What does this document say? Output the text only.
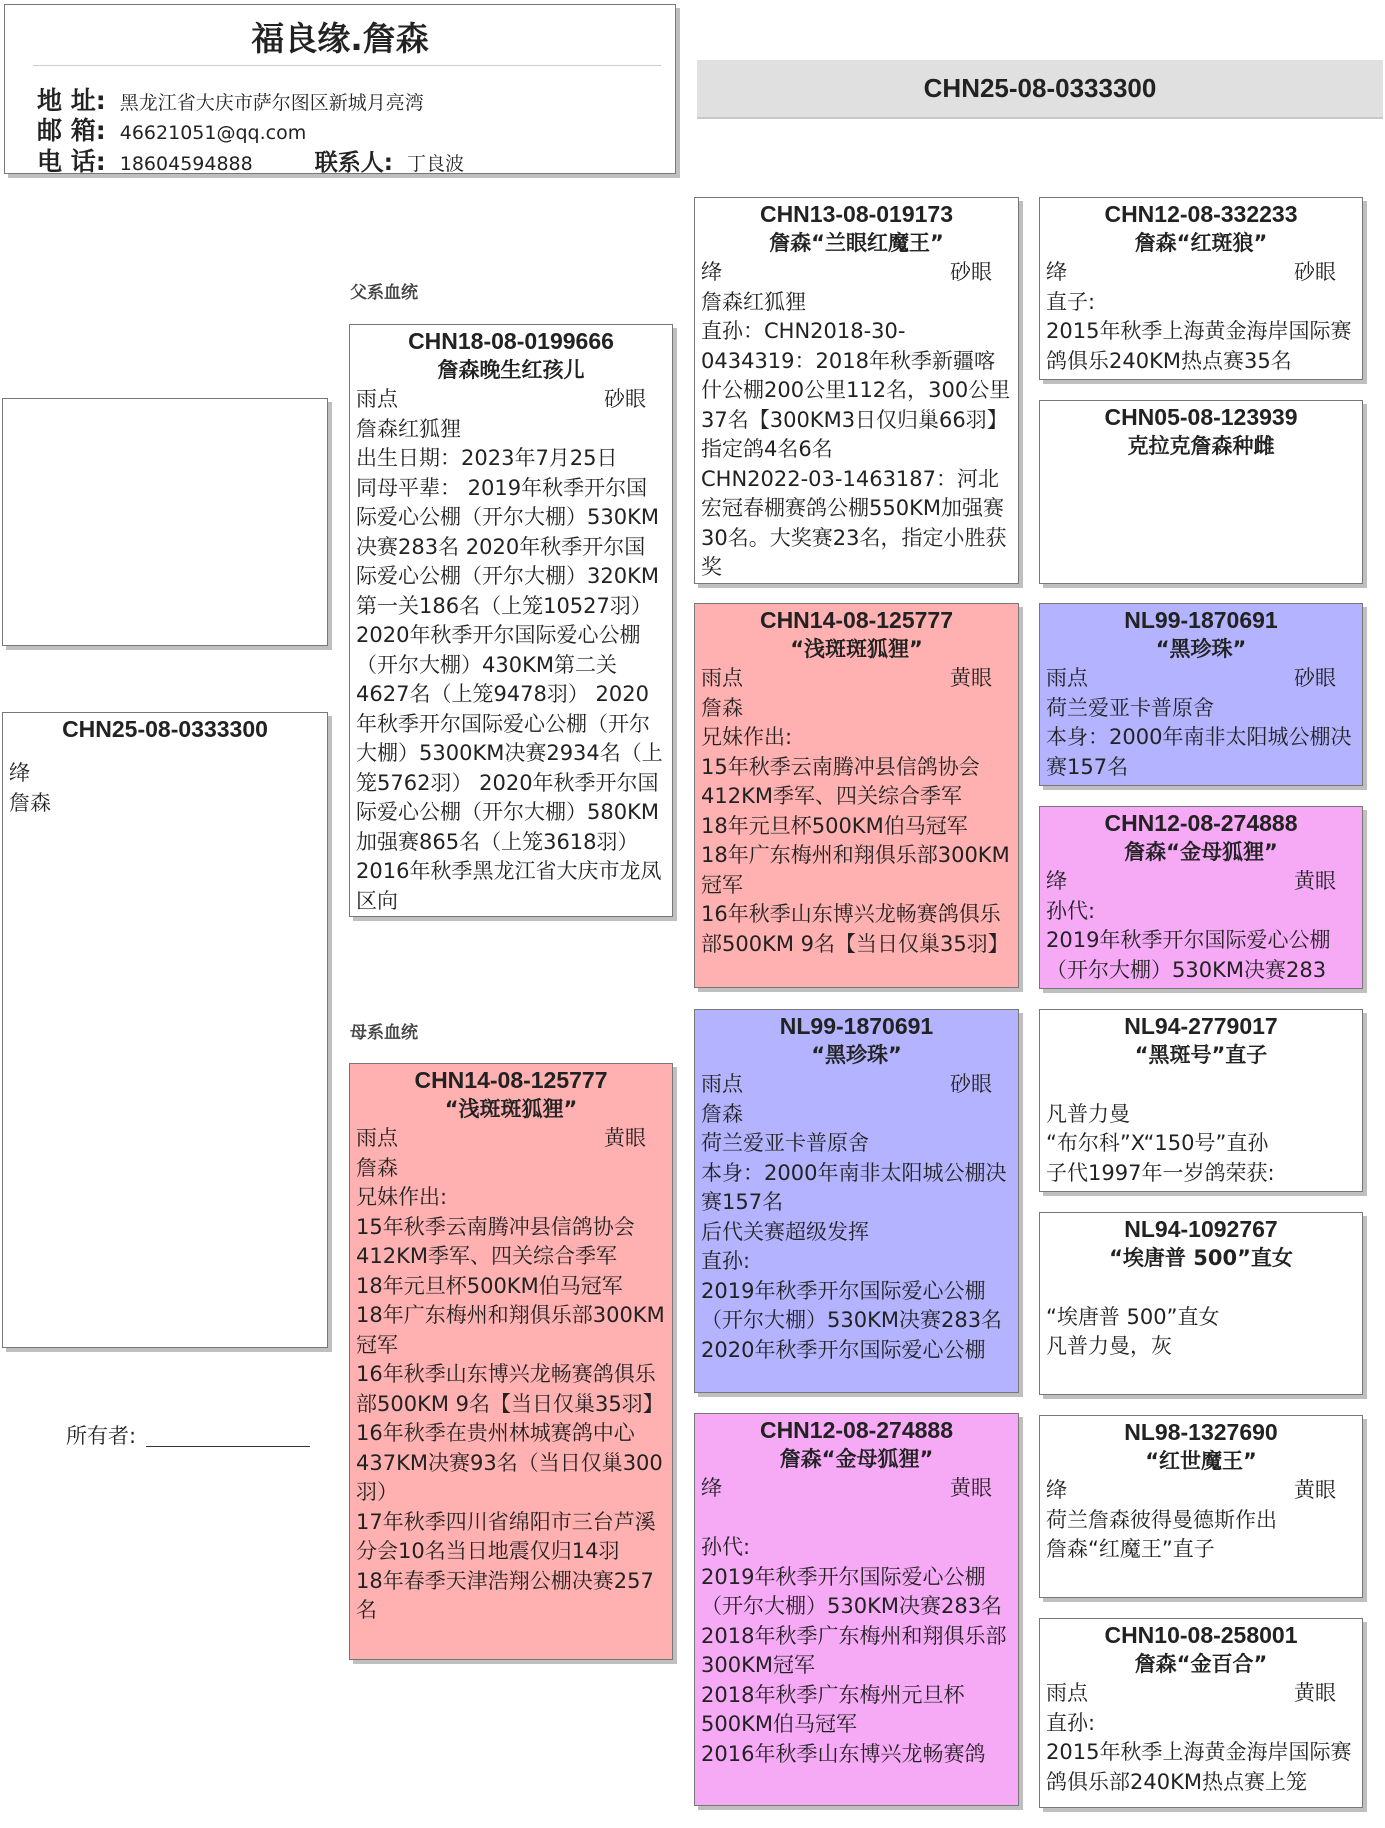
福良缘.詹森
地 址: 黑龙江省大庆市萨尔图区新城月亮湾
邮 箱: 46621051@qq.com
电 话: 18604594888	联系人: 丁良波
CHN25-08-0333300
父系血统
母系血统
CHN25-08-0333300
绛
詹森
所有者:
CHN18-08-0199666
詹森晚生红孩儿
雨点	砂眼
詹森红狐狸
出生日期：2023年7月25日
同母平辈： 2019年秋季开尔国际爱心公棚（开尔大棚）530KM决赛283名 2020年秋季开尔国际爱心公棚（开尔大棚）320KM第一关186名（上笼10527羽） 2020年秋季开尔国际爱心公棚（开尔大棚）430KM第二关4627名（上笼9478羽） 2020年秋季开尔国际爱心公棚（开尔大棚）5300KM决赛2934名（上笼5762羽） 2020年秋季开尔国际爱心公棚（开尔大棚）580KM加强赛865名（上笼3618羽） 2016年秋季黑龙江省大庆市龙凤区向
CHN14-08-125777
“浅斑斑狐狸”
雨点	黄眼
詹森
兄妹作出:
15年秋季云南腾冲县信鸽协会412KM季军、四关综合季军
18年元旦杯500KM伯马冠军
18年广东梅州和翔俱乐部300KM冠军
16年秋季山东博兴龙畅赛鸽俱乐部500KM 9名【当日仅巢35羽】
16年秋季在贵州林城赛鸽中心437KM决赛93名（当日仅巢300羽）
17年秋季四川省绵阳市三台芦溪分会10名当日地震仅归14羽
18年春季天津浩翔公棚决赛257名
CHN13-08-019173
詹森“兰眼红魔王”
绛	砂眼
詹森红狐狸
直孙：CHN2018-30-0434319：2018年秋季新疆喀什公棚200公里112名，300公里37名【300KM3日仅归巢66羽】指定鸽4名6名
CHN2022-03-1463187：河北宏冠春棚赛鸽公棚550KM加强赛30名。大奖赛23名，指定小胜获奖
CHN14-08-125777
“浅斑斑狐狸”
雨点	黄眼
詹森
兄妹作出:
15年秋季云南腾冲县信鸽协会412KM季军、四关综合季军
18年元旦杯500KM伯马冠军
18年广东梅州和翔俱乐部300KM冠军
16年秋季山东博兴龙畅赛鸽俱乐部500KM 9名【当日仅巢35羽】
NL99-1870691
“黑珍珠”
雨点	砂眼
詹森
荷兰爱亚卡普原舍
本身：2000年南非太阳城公棚决赛157名
后代关赛超级发挥
直孙:
2019年秋季开尔国际爱心公棚（开尔大棚）530KM决赛283名
2020年秋季开尔国际爱心公棚
CHN12-08-274888
詹森“金母狐狸”
绛	黄眼
孙代:
2019年秋季开尔国际爱心公棚（开尔大棚）530KM决赛283名
2018年秋季广东梅州和翔俱乐部300KM冠军
2018年秋季广东梅州元旦杯500KM伯马冠军
2016年秋季山东博兴龙畅赛鸽
CHN12-08-332233
詹森“红斑狼”
绛	砂眼
直子:
2015年秋季上海黄金海岸国际赛鸽俱乐240KM热点赛35名
CHN05-08-123939
克拉克詹森种雌
NL99-1870691
“黑珍珠”
雨点	砂眼
荷兰爱亚卡普原舍
本身：2000年南非太阳城公棚决赛157名
CHN12-08-274888
詹森“金母狐狸”
绛	黄眼
孙代:
2019年秋季开尔国际爱心公棚（开尔大棚）530KM决赛283
NL94-2779017
“黑斑号”直子
凡普力曼
“布尔科”X“150号”直孙
子代1997年一岁鸽荣获:
NL94-1092767
“埃唐普 500”直女
“埃唐普 500”直女
凡普力曼，灰
NL98-1327690
“红世魔王”
绛	黄眼
荷兰詹森彼得曼德斯作出
詹森“红魔王”直子
CHN10-08-258001
詹森“金百合”
雨点	黄眼
直孙:
2015年秋季上海黄金海岸国际赛鸽俱乐部240KM热点赛上笼
